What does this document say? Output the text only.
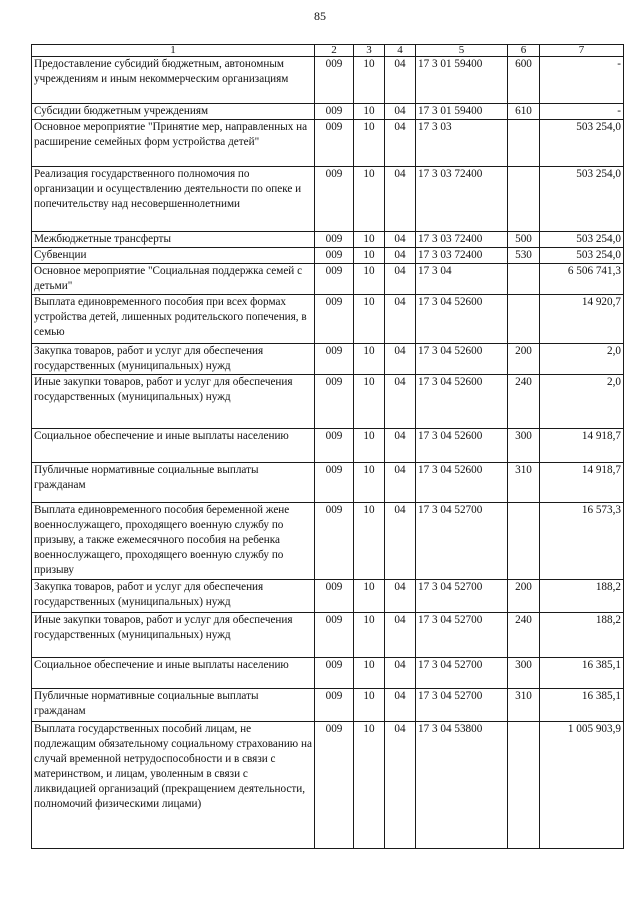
85
1	2	3	4	5	6	7
Предоставление субсидий бюджетным, автономным учреждениям и иным некоммерческим организациям	009	10	04	17 3 01 59400	600	-
Субсидии бюджетным учреждениям	009	10	04	17 3 01 59400	610	-
Основное мероприятие "Принятие мер, направленных на расширение семейных форм устройства детей"	009	10	04	17 3 03		503 254,0
Реализация государственного полномочия по организации и осуществлению деятельности по опеке и попечительству над несовершеннолетними	009	10	04	17 3 03 72400		503 254,0
Межбюджетные трансферты	009	10	04	17 3 03 72400	500	503 254,0
Субвенции	009	10	04	17 3 03 72400	530	503 254,0
Основное мероприятие "Социальная поддержка семей с детьми"	009	10	04	17 3 04		6 506 741,3
Выплата единовременного пособия при всех формах устройства детей, лишенных родительского попечения, в семью	009	10	04	17 3 04 52600		14 920,7
Закупка товаров, работ и услуг для обеспечения государственных (муниципальных) нужд	009	10	04	17 3 04 52600	200	2,0
Иные закупки товаров, работ и услуг для обеспечения государственных (муниципальных) нужд	009	10	04	17 3 04 52600	240	2,0
Социальное обеспечение и иные выплаты населению	009	10	04	17 3 04 52600	300	14 918,7
Публичные нормативные социальные выплаты гражданам	009	10	04	17 3 04 52600	310	14 918,7
Выплата единовременного пособия беременной жене военнослужащего, проходящего военную службу по призыву, а также ежемесячного пособия на ребенка военнослужащего, проходящего военную службу по призыву	009	10	04	17 3 04 52700		16 573,3
Закупка товаров, работ и услуг для обеспечения государственных (муниципальных) нужд	009	10	04	17 3 04 52700	200	188,2
Иные закупки товаров, работ и услуг для обеспечения государственных (муниципальных) нужд	009	10	04	17 3 04 52700	240	188,2
Социальное обеспечение и иные выплаты населению	009	10	04	17 3 04 52700	300	16 385,1
Публичные нормативные социальные выплаты гражданам	009	10	04	17 3 04 52700	310	16 385,1
Выплата государственных пособий лицам, не подлежащим обязательному социальному страхованию на случай временной нетрудоспособности и в связи с материнством, и лицам, уволенным в связи с ликвидацией организаций (прекращением деятельности, полномочий физическими лицами)	009	10	04	17 3 04 53800		1 005 903,9
